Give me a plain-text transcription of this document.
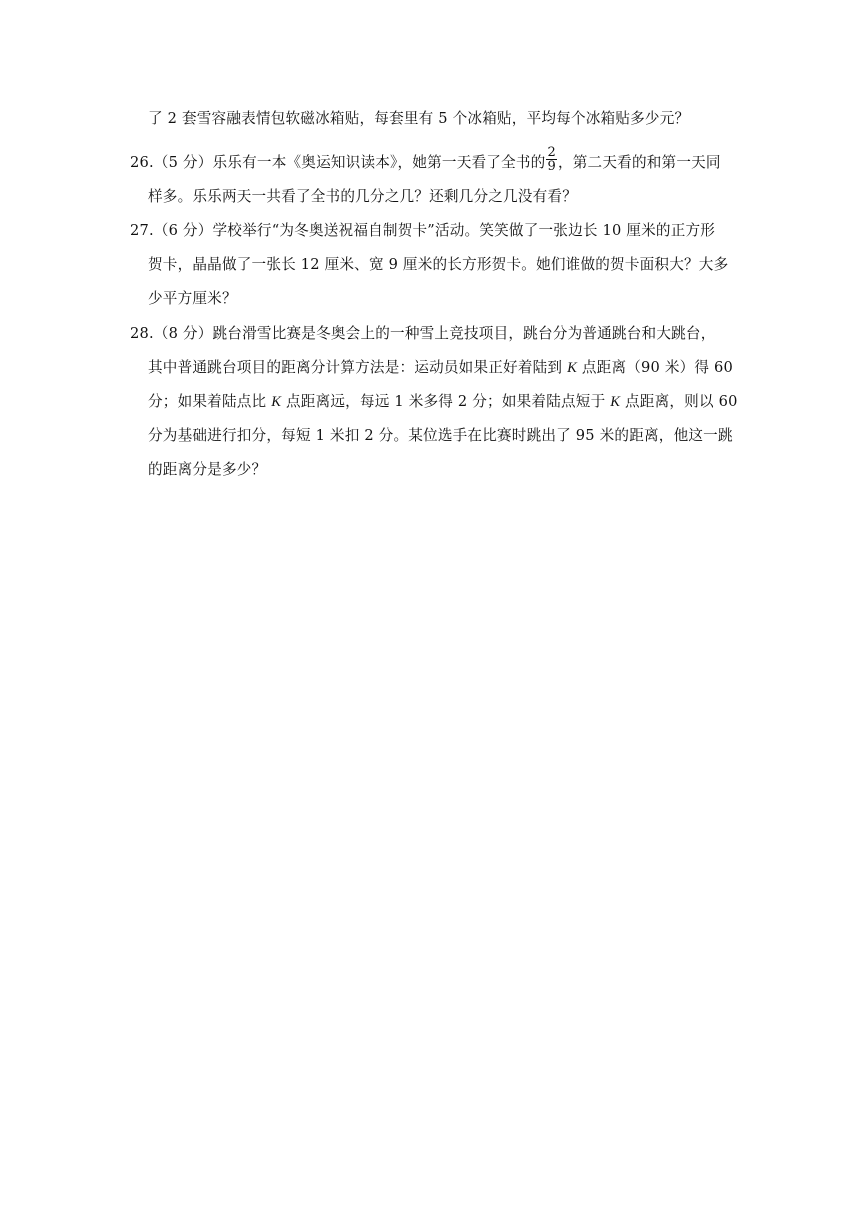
了 2 套雪容融表情包软磁冰箱贴，每套里有 5 个冰箱贴，平均每个冰箱贴多少元？
26.（5 分）乐乐有一本《奥运知识读本》，她第一天看了全书的 $\frac{2}{9}$ ，第二天看的和第一天同
样多。乐乐两天一共看了全书的几分之几？还剩几分之几没有看？
27.（6 分）学校举行“为冬奥送祝福自制贺卡”活动。笑笑做了一张边长 10 厘米的正方形
贺卡，晶晶做了一张长 12 厘米、宽 9 厘米的长方形贺卡。她们谁做的贺卡面积大？大多
少平方厘米？
28.（8 分）跳台滑雪比赛是冬奥会上的一种雪上竞技项目，跳台分为普通跳台和大跳台，
其中普通跳台项目的距离分计算方法是：运动员如果正好着陆到 K 点距离（90 米）得 60
分；如果着陆点比 K 点距离远，每远 1 米多得 2 分；如果着陆点短于 K 点距离，则以 60
分为基础进行扣分，每短 1 米扣 2 分。某位选手在比赛时跳出了 95 米的距离，他这一跳
的距离分是多少？
